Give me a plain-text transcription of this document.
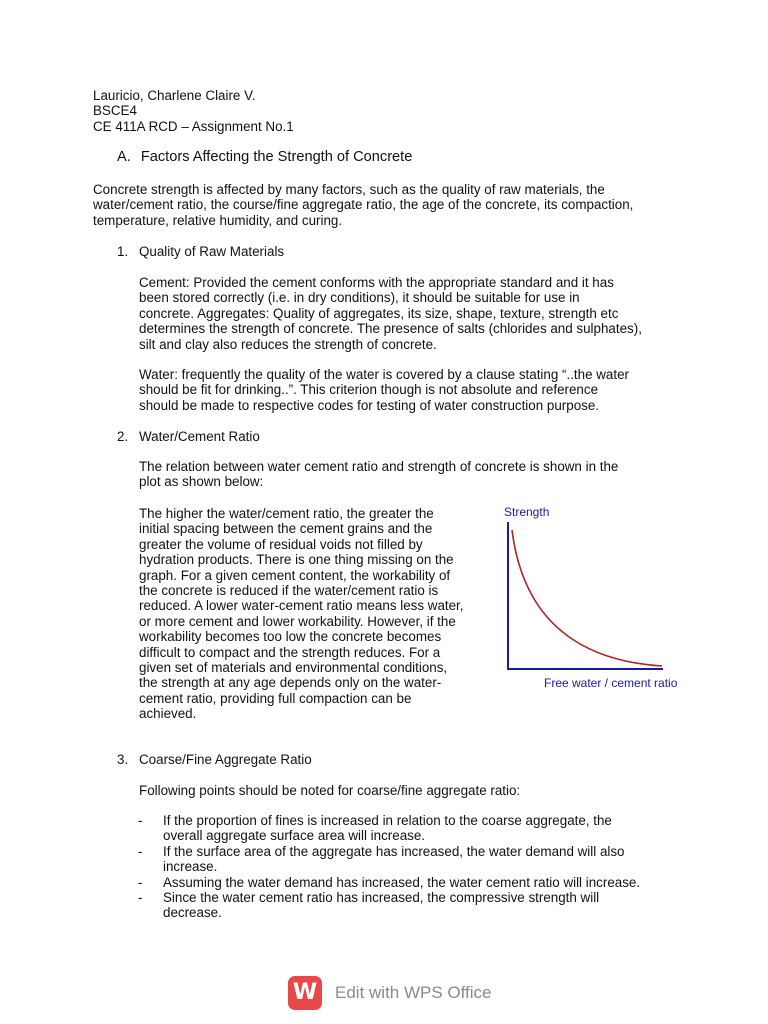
Lauricio, Charlene Claire V.
BSCE4
CE 411A RCD – Assignment No.1
A. Factors Affecting the Strength of Concrete
Concrete strength is affected by many factors, such as the quality of raw materials, the
water/cement ratio, the course/fine aggregate ratio, the age of the concrete, its compaction,
temperature, relative humidity, and curing.
1. Quality of Raw Materials
Cement: Provided the cement conforms with the appropriate standard and it has
been stored correctly (i.e. in dry conditions), it should be suitable for use in
concrete. Aggregates: Quality of aggregates, its size, shape, texture, strength etc
determines the strength of concrete. The presence of salts (chlorides and sulphates),
silt and clay also reduces the strength of concrete.
Water: frequently the quality of the water is covered by a clause stating “..the water
should be fit for drinking..”. This criterion though is not absolute and reference
should be made to respective codes for testing of water construction purpose.
2. Water/Cement Ratio
The relation between water cement ratio and strength of concrete is shown in the
plot as shown below:
The higher the water/cement ratio, the greater the
initial spacing between the cement grains and the
greater the volume of residual voids not filled by
hydration products. There is one thing missing on the
graph. For a given cement content, the workability of
the concrete is reduced if the water/cement ratio is
reduced. A lower water-cement ratio means less water,
or more cement and lower workability. However, if the
workability becomes too low the concrete becomes
difficult to compact and the strength reduces. For a
given set of materials and environmental conditions,
the strength at any age depends only on the water-
cement ratio, providing full compaction can be
achieved.
Strength
Free water / cement ratio
3. Coarse/Fine Aggregate Ratio
Following points should be noted for coarse/fine aggregate ratio:
- If the proportion of fines is increased in relation to the coarse aggregate, the
overall aggregate surface area will increase.
- If the surface area of the aggregate has increased, the water demand will also
increase.
- Assuming the water demand has increased, the water cement ratio will increase.
- Since the water cement ratio has increased, the compressive strength will
decrease.
W Edit with WPS Office
